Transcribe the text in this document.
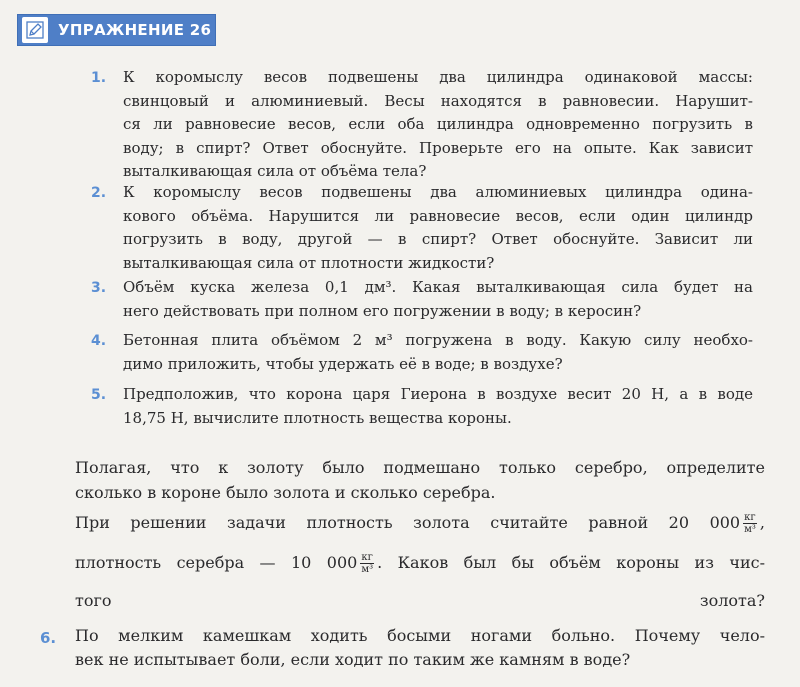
УПРАЖНЕНИЕ 26
1. К коромыслу весов подвешены два цилиндра одинаковой массы:
свинцовый и алюминиевый. Весы находятся в равновесии. Нарушит-
ся ли равновесие весов, если оба цилиндра одновременно погрузить в
воду; в спирт? Ответ обоснуйте. Проверьте его на опыте. Как зависит
выталкивающая сила от объёма тела?
2. К коромыслу весов подвешены два алюминиевых цилиндра одина-
кового объёма. Нарушится ли равновесие весов, если один цилиндр
погрузить в воду, другой — в спирт? Ответ обоснуйте. Зависит ли
выталкивающая сила от плотности жидкости?
3. Объём куска железа 0,1 дм³. Какая выталкивающая сила будет на
него действовать при полном его погружении в воду; в керосин?
4. Бетонная плита объёмом 2 м³ погружена в воду. Какую силу необхо-
димо приложить, чтобы удержать её в воде; в воздухе?
5. Предположив, что корона царя Гиерона в воздухе весит 20 Н, а в воде
18,75 Н, вычислите плотность вещества короны.
Полагая, что к золоту было подмешано только серебро, определите
сколько в короне было золота и сколько серебра.
При решении задачи плотность золота считайте равной 20 $000 \frac{кг}{\text{м³}}$ ,
плотность серебра — 10 $000 \frac{кг}{\text{м³}}$ . Каков был бы объём короны из чис-
того золота?
6. По мелким камешкам ходить босыми ногами больно. Почему чело-
век не испытывает боли, если ходит по таким же камням в воде?
